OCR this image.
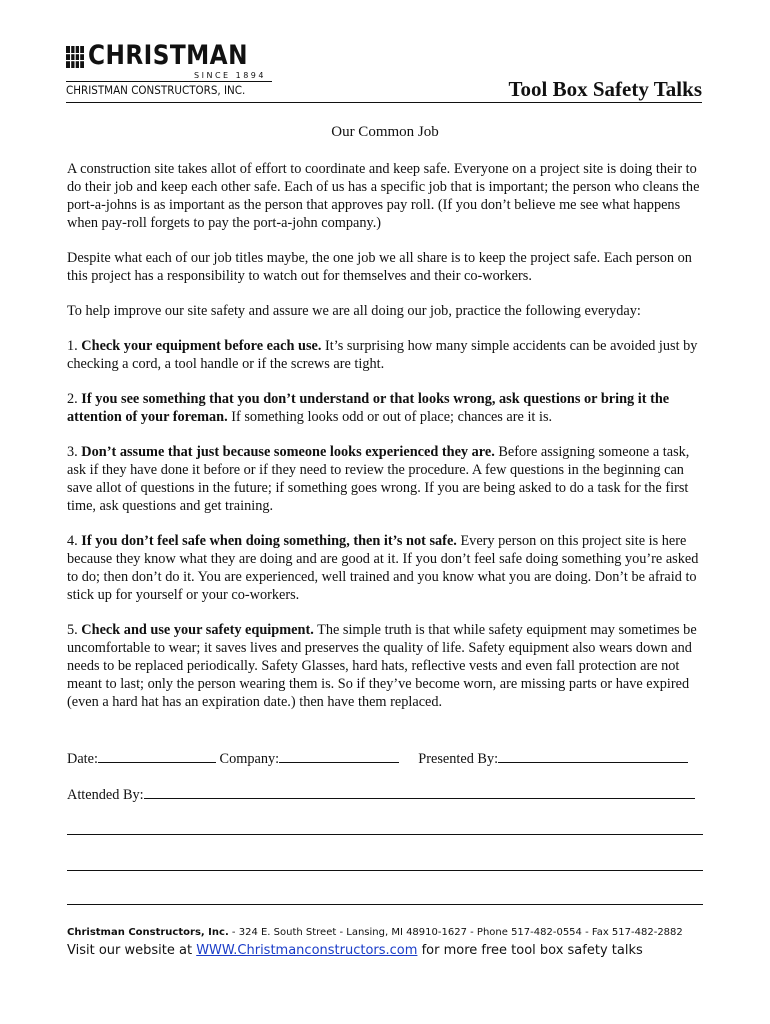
CHRISTMAN
SINCE 1894
CHRISTMAN CONSTRUCTORS, INC.	Tool Box Safety Talks
Our Common Job

A construction site takes allot of effort to coordinate and keep safe. Everyone on a project site is doing their to do their job and keep each other safe. Each of us has a specific job that is important; the person who cleans the port-a-johns is as important as the person that approves pay roll. (If you don’t believe me see what happens when pay-roll forgets to pay the port-a-john company.)

Despite what each of our job titles maybe, the one job we all share is to keep the project safe. Each person on this project has a responsibility to watch out for themselves and their co-workers.

To help improve our site safety and assure we are all doing our job, practice the following everyday:

1. Check your equipment before each use. It’s surprising how many simple accidents can be avoided just by checking a cord, a tool handle or if the screws are tight.

2. If you see something that you don’t understand or that looks wrong, ask questions or bring it the attention of your foreman. If something looks odd or out of place; chances are it is.

3. Don’t assume that just because someone looks experienced they are. Before assigning someone a task, ask if they have done it before or if they need to review the procedure. A few questions in the beginning can save allot of questions in the future; if something goes wrong. If you are being asked to do a task for the first time, ask questions and get training.

4. If you don’t feel safe when doing something, then it’s not safe. Every person on this project site is here because they know what they are doing and are good at it. If you don’t feel safe doing something you’re asked to do; then don’t do it. You are experienced, well trained and you know what you are doing. Don’t be afraid to stick up for yourself or your co-workers.

5. Check and use your safety equipment. The simple truth is that while safety equipment may sometimes be uncomfortable to wear; it saves lives and preserves the quality of life. Safety equipment also wears down and needs to be replaced periodically. Safety Glasses, hard hats, reflective vests and even fall protection are not meant to last; only the person wearing them is. So if they’ve become worn, are missing parts or have expired (even a hard hat has an expiration date.) then have them replaced.

Date:	Company:	Presented By:
Attended By:
Christman Constructors, Inc. - 324 E. South Street - Lansing, MI 48910-1627 - Phone 517-482-0554 - Fax 517-482-2882
Visit our website at WWW.Christmanconstructors.com for more free tool box safety talks
